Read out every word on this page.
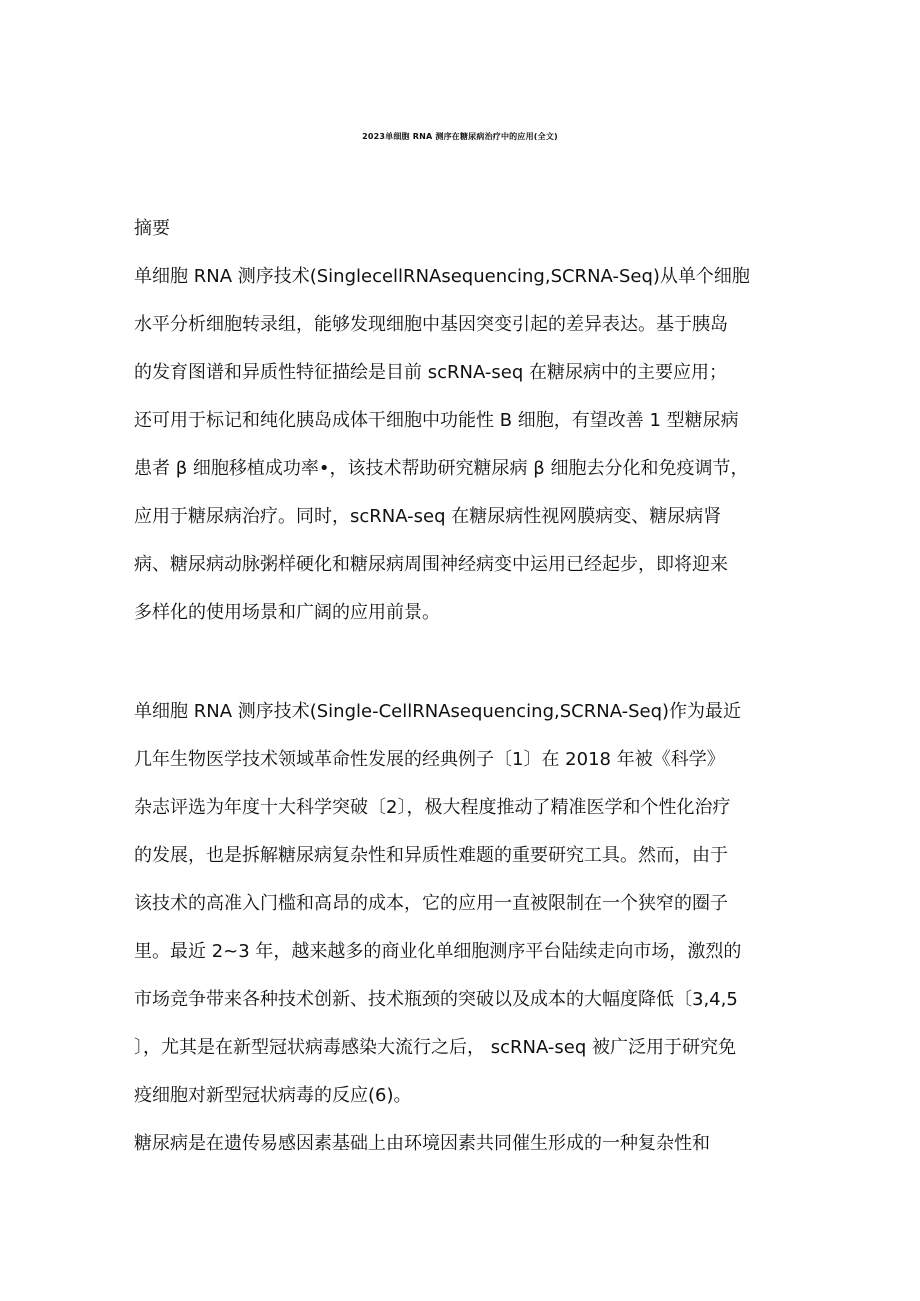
2023单细胞 RNA 测序在糖尿病治疗中的应用(全文)
摘要
单细胞 RNA 测序技术(SinglecellRNAsequencing,SCRNA-Seq)从单个细胞
水平分析细胞转录组，能够发现细胞中基因突变引起的差异表达。基于胰岛
的发育图谱和异质性特征描绘是目前 scRNA-seq 在糖尿病中的主要应用；
还可用于标记和纯化胰岛成体干细胞中功能性 B 细胞，有望改善 1 型糖尿病
患者 β 细胞移植成功率•，该技术帮助研究糖尿病 β 细胞去分化和免疫调节，
应用于糖尿病治疗。同时，scRNA-seq 在糖尿病性视网膜病变、糖尿病肾
病、糖尿病动脉粥样硬化和糖尿病周围神经病变中运用已经起步，即将迎来
多样化的使用场景和广阔的应用前景。
单细胞 RNA 测序技术(Single-CellRNAsequencing,SCRNA-Seq)作为最近
几年生物医学技术领域革命性发展的经典例子〔1〕在 2018 年被《科学》
杂志评选为年度十大科学突破〔2〕，极大程度推动了精准医学和个性化治疗
的发展，也是拆解糖尿病复杂性和异质性难题的重要研究工具。然而，由于
该技术的高准入门槛和高昂的成本，它的应用一直被限制在一个狭窄的圈子
里。最近 2~3 年，越来越多的商业化单细胞测序平台陆续走向市场，激烈的
市场竞争带来各种技术创新、技术瓶颈的突破以及成本的大幅度降低〔3,4,5
〕，尤其是在新型冠状病毒感染大流行之后， scRNA-seq 被广泛用于研究免
疫细胞对新型冠状病毒的反应(6)。
糖尿病是在遗传易感因素基础上由环境因素共同催生形成的一种复杂性和
